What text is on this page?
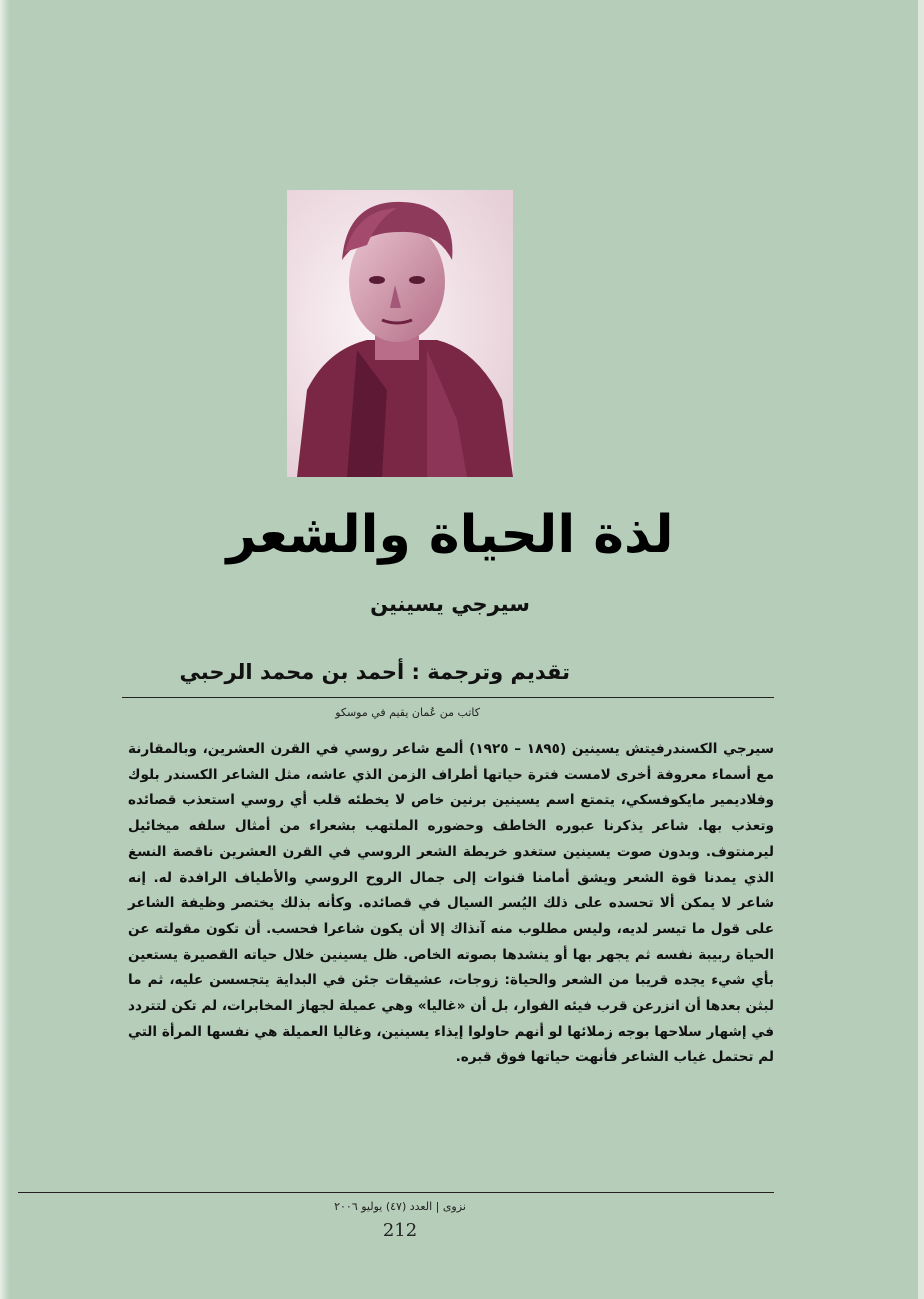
لذة الحياة والشعر
سيرجي يسينين
تقديم وترجمة : أحمد بن محمد الرحبي
كاتب من عُمان يقيم في موسكو
سيرجي الكسندرفيتش يسينين (١٨٩٥ – ١٩٢٥) ألمع شاعر روسي في القرن العشرين، وبالمقارنة مع أسماء معروفة أخرى لامست فترة حياتها أطراف الزمن الذي عاشه، مثل الشاعر الكسندر بلوك وفلاديمير مايكوفسكي، يتمتع اسم يسينين برنين خاص لا يخطئه قلب أي روسي استعذب قصائده وتعذب بها. شاعر يذكرنا عبوره الخاطف وحضوره الملتهب بشعراء من أمثال سلفه ميخائيل ليرمنتوف. وبدون صوت يسينين ستغدو خريطة الشعر الروسي في القرن العشرين ناقصة النسغ الذي يمدنا قوة الشعر ويشق أمامنا قنوات إلى جمال الروح الروسي والأطياف الرافدة له. إنه شاعر لا يمكن ألا تحسده على ذلك اليُسر السيال في قصائده. وكأنه بذلك يختصر وظيفة الشاعر على قول ما تيسر لديه، وليس مطلوب منه آنذاك إلا أن يكون شاعرا فحسب. أن تكون مقولته عن الحياة ربيبة نفسه ثم يجهر بها أو ينشدها بصوته الخاص. ظل يسينين خلال حياته القصيرة يستعين بأي شيء يجده قريبا من الشعر والحياة: زوجات، عشيقات جئن في البداية يتجسسن عليه، ثم ما لبثن بعدها أن انزرعن قرب فيئه الفوار، بل أن «غاليا» وهي عميلة لجهاز المخابرات، لم تكن لتتردد في إشهار سلاحها بوجه زملائها لو أنهم حاولوا إيذاء يسينين، وغاليا العميلة هي نفسها المرأة التي لم تحتمل غياب الشاعر فأنهت حياتها فوق قبره.
نزوى | العدد (٤٧) يوليو ٢٠٠٦
212
